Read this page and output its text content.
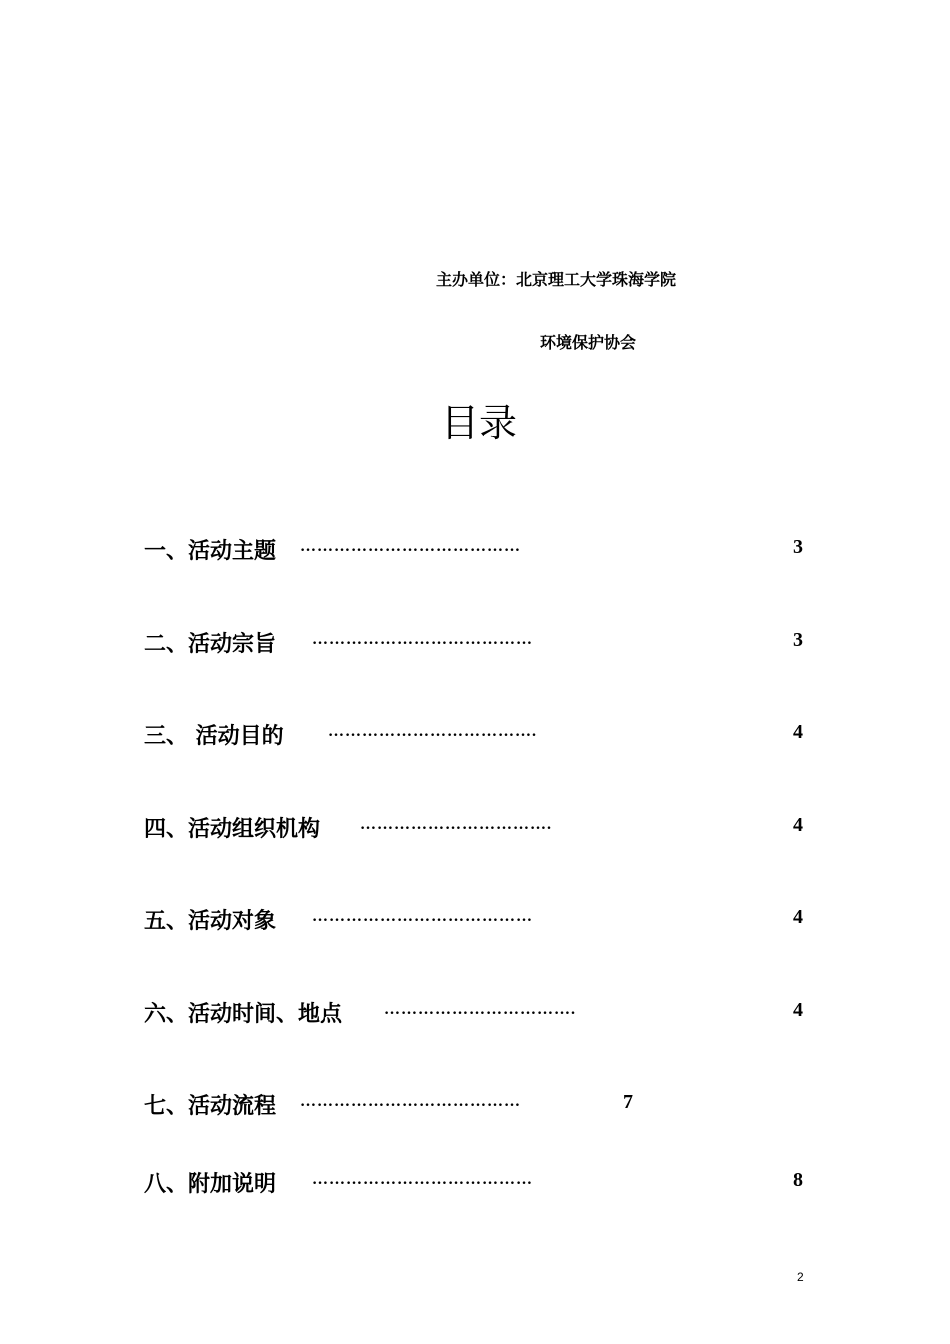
主办单位：北京理工大学珠海学院
环境保护协会
目录
一、活动主题 …………………………………	3
二、活动宗旨 …………………………………	3
三、 活动目的	……………………………….	4
四、活动组织机构 …………………………….	4
五、活动对象 …………………………………	4
六、活动时间、地点	…………………………….	4
七、活动流程 …………………………………	7
八、附加说明 …………………………………	8
2
